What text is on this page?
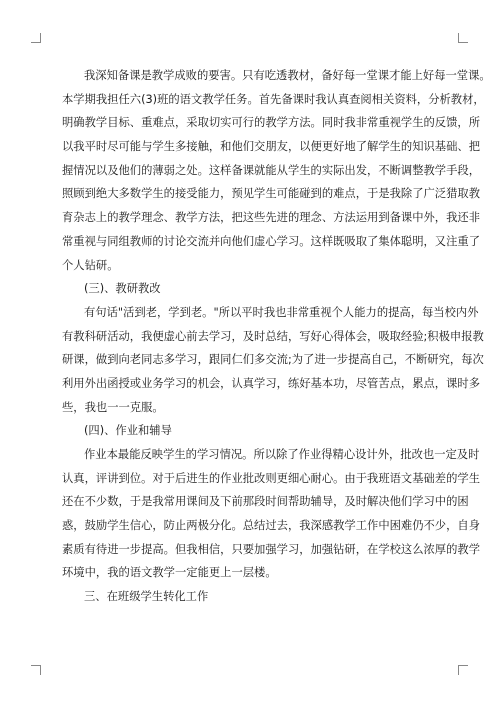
我深知备课是教学成败的要害。只有吃透教材，备好每一堂课才能上好每一堂课。
本学期我担任六(3)班的语文教学任务。首先备课时我认真查阅相关资料，分析教材，
明确教学目标、重难点，采取切实可行的教学方法。同时我非常重视学生的反馈，所
以我平时尽可能与学生多接触，和他们交朋友，以便更好地了解学生的知识基础、把
握情况以及他们的薄弱之处。这样备课就能从学生的实际出发，不断调整教学手段，
照顾到绝大多数学生的接受能力，预见学生可能碰到的难点，于是我除了广泛猎取教
育杂志上的教学理念、教学方法，把这些先进的理念、方法运用到备课中外，我还非
常重视与同组教师的讨论交流并向他们虚心学习。这样既吸取了集体聪明，又注重了
个人钻研。
(三)、教研教改
有句话"活到老，学到老。"所以平时我也非常重视个人能力的提高，每当校内外
有教科研活动，我便虚心前去学习，及时总结，写好心得体会，吸取经验;积极申报教
研课，做到向老同志多学习，跟同仁们多交流;为了进一步提高自己，不断研究，每次
利用外出函授或业务学习的机会，认真学习，练好基本功，尽管苦点，累点，课时多
些，我也一一克服。
(四)、作业和辅导
作业本最能反映学生的学习情况。所以除了作业得精心设计外，批改也一定及时
认真，评讲到位。对于后进生的作业批改则更细心耐心。由于我班语文基础差的学生
还在不少数，于是我常用课间及下前那段时间帮助辅导，及时解决他们学习中的困
惑，鼓励学生信心，防止两极分化。总结过去，我深感教学工作中困难仍不少，自身
素质有待进一步提高。但我相信，只要加强学习，加强钻研，在学校这么浓厚的教学
环境中，我的语文教学一定能更上一层楼。
三、在班级学生转化工作
